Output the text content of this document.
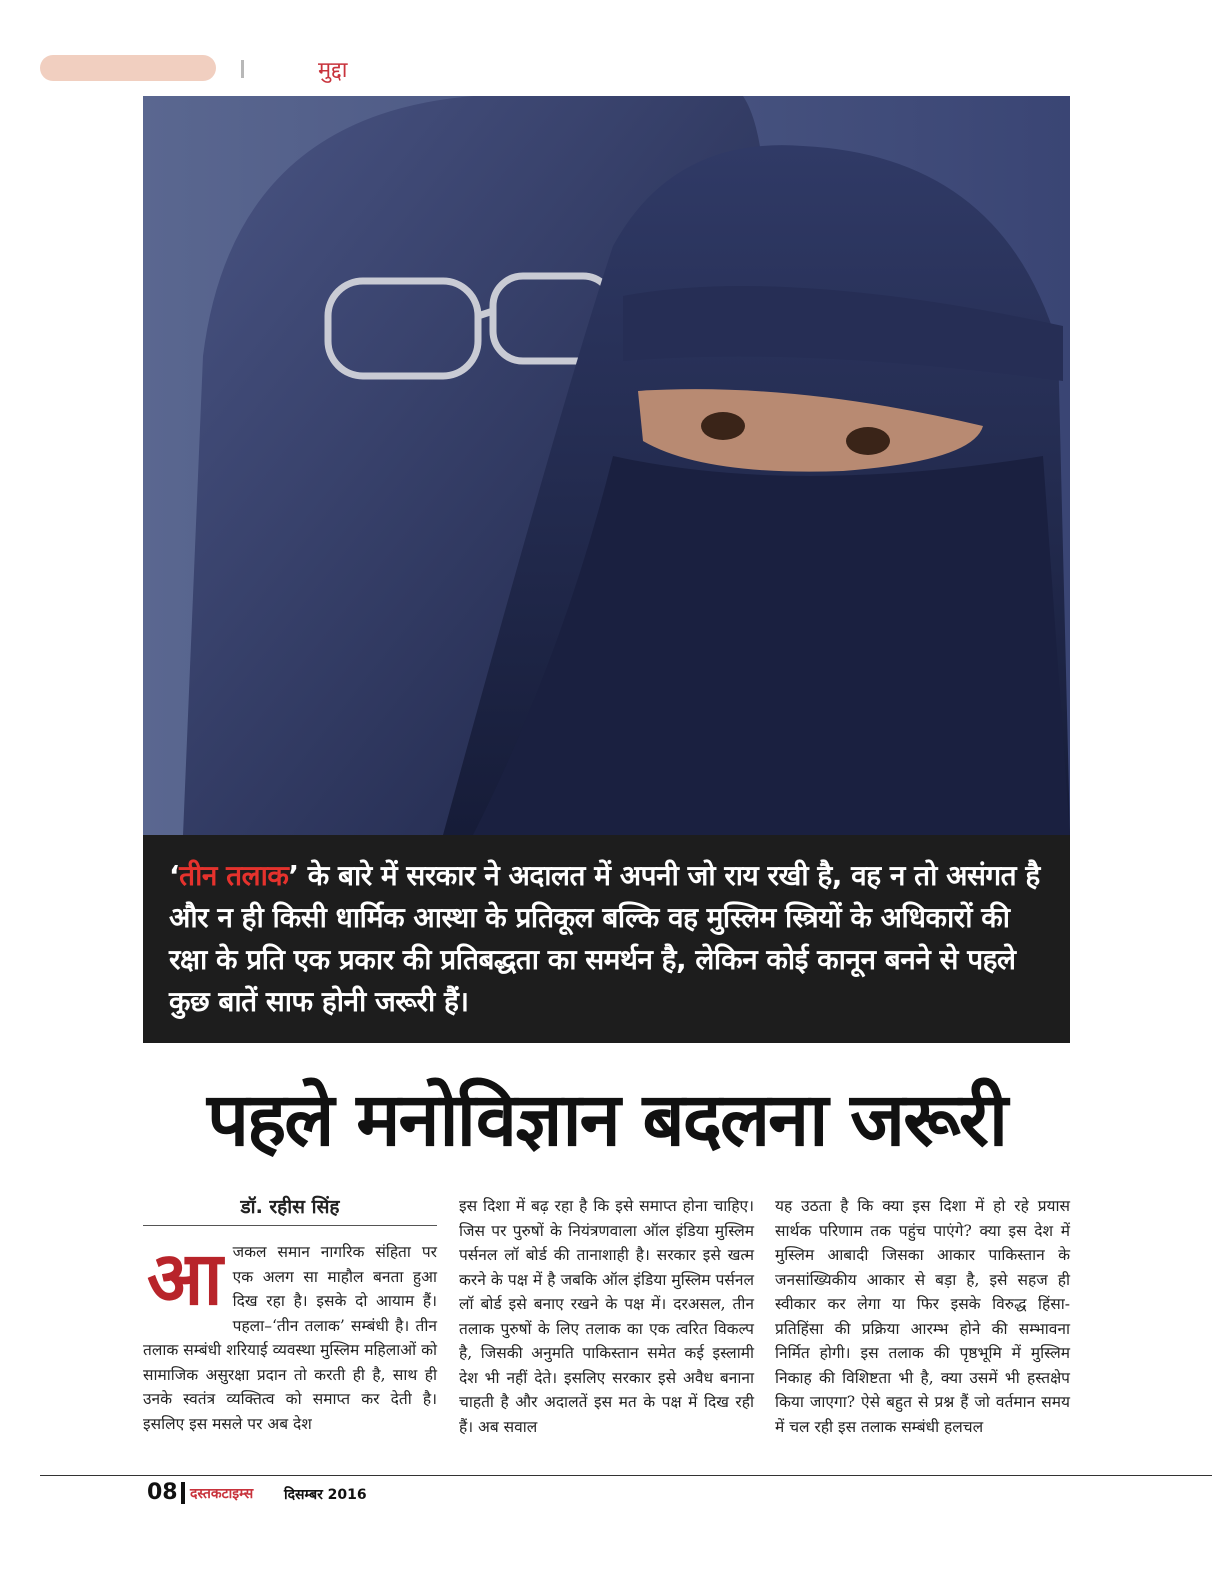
मुद्दा
‘तीन तलाक’ के बारे में सरकार ने अदालत में अपनी जो राय रखी है, वह न तो असंगत है और न ही किसी धार्मिक आस्था के प्रतिकूल बल्कि वह मुस्लिम स्त्रियों के अधिकारों की रक्षा के प्रति एक प्रकार की प्रतिबद्धता का समर्थन है, लेकिन कोई कानून बनने से पहले कुछ बातें साफ होनी जरूरी हैं।
पहले मनोविज्ञान बदलना जरूरी
डॉ. रहीस सिंह
आ जकल समान नागरिक संहिता पर एक अलग सा माहौल बनता हुआ दिख रहा है। इसके दो आयाम हैं। पहला–‘तीन तलाक’ सम्बंधी है। तीन तलाक सम्बंधी शरियाई व्यवस्था मुस्लिम महिलाओं को सामाजिक असुरक्षा प्रदान तो करती ही है, साथ ही उनके स्वतंत्र व्यक्तित्व को समाप्त कर देती है। इसलिए इस मसले पर अब देश

इस दिशा में बढ़ रहा है कि इसे समाप्त होना चाहिए। जिस पर पुरुषों के नियंत्रणवाला ऑल इंडिया मुस्लिम पर्सनल लॉ बोर्ड की तानाशाही है। सरकार इसे खत्म करने के पक्ष में है जबकि ऑल इंडिया मुस्लिम पर्सनल लॉ बोर्ड इसे बनाए रखने के पक्ष में। दरअसल, तीन तलाक पुरुषों के लिए तलाक का एक त्वरित विकल्प है, जिसकी अनुमति पाकिस्तान समेत कई इस्लामी देश भी नहीं देते। इसलिए सरकार इसे अवैध बनाना चाहती है और अदालतें इस मत के पक्ष में दिख रही हैं। अब सवाल

यह उठता है कि क्या इस दिशा में हो रहे प्रयास सार्थक परिणाम तक पहुंच पाएंगे? क्या इस देश में मुस्लिम आबादी जिसका आकार पाकिस्तान के जनसांख्यिकीय आकार से बड़ा है, इसे सहज ही स्वीकार कर लेगा या फिर इसके विरुद्ध हिंसा-प्रतिहिंसा की प्रक्रिया आरम्भ होने की सम्भावना निर्मित होगी। इस तलाक की पृष्ठभूमि में मुस्लिम निकाह की विशिष्टता भी है, क्या उसमें भी हस्तक्षेप किया जाएगा? ऐसे बहुत से प्रश्न हैं जो वर्तमान समय में चल रही इस तलाक सम्बंधी हलचल

08 दस्तकटाइम्स दिसम्बर 2016
